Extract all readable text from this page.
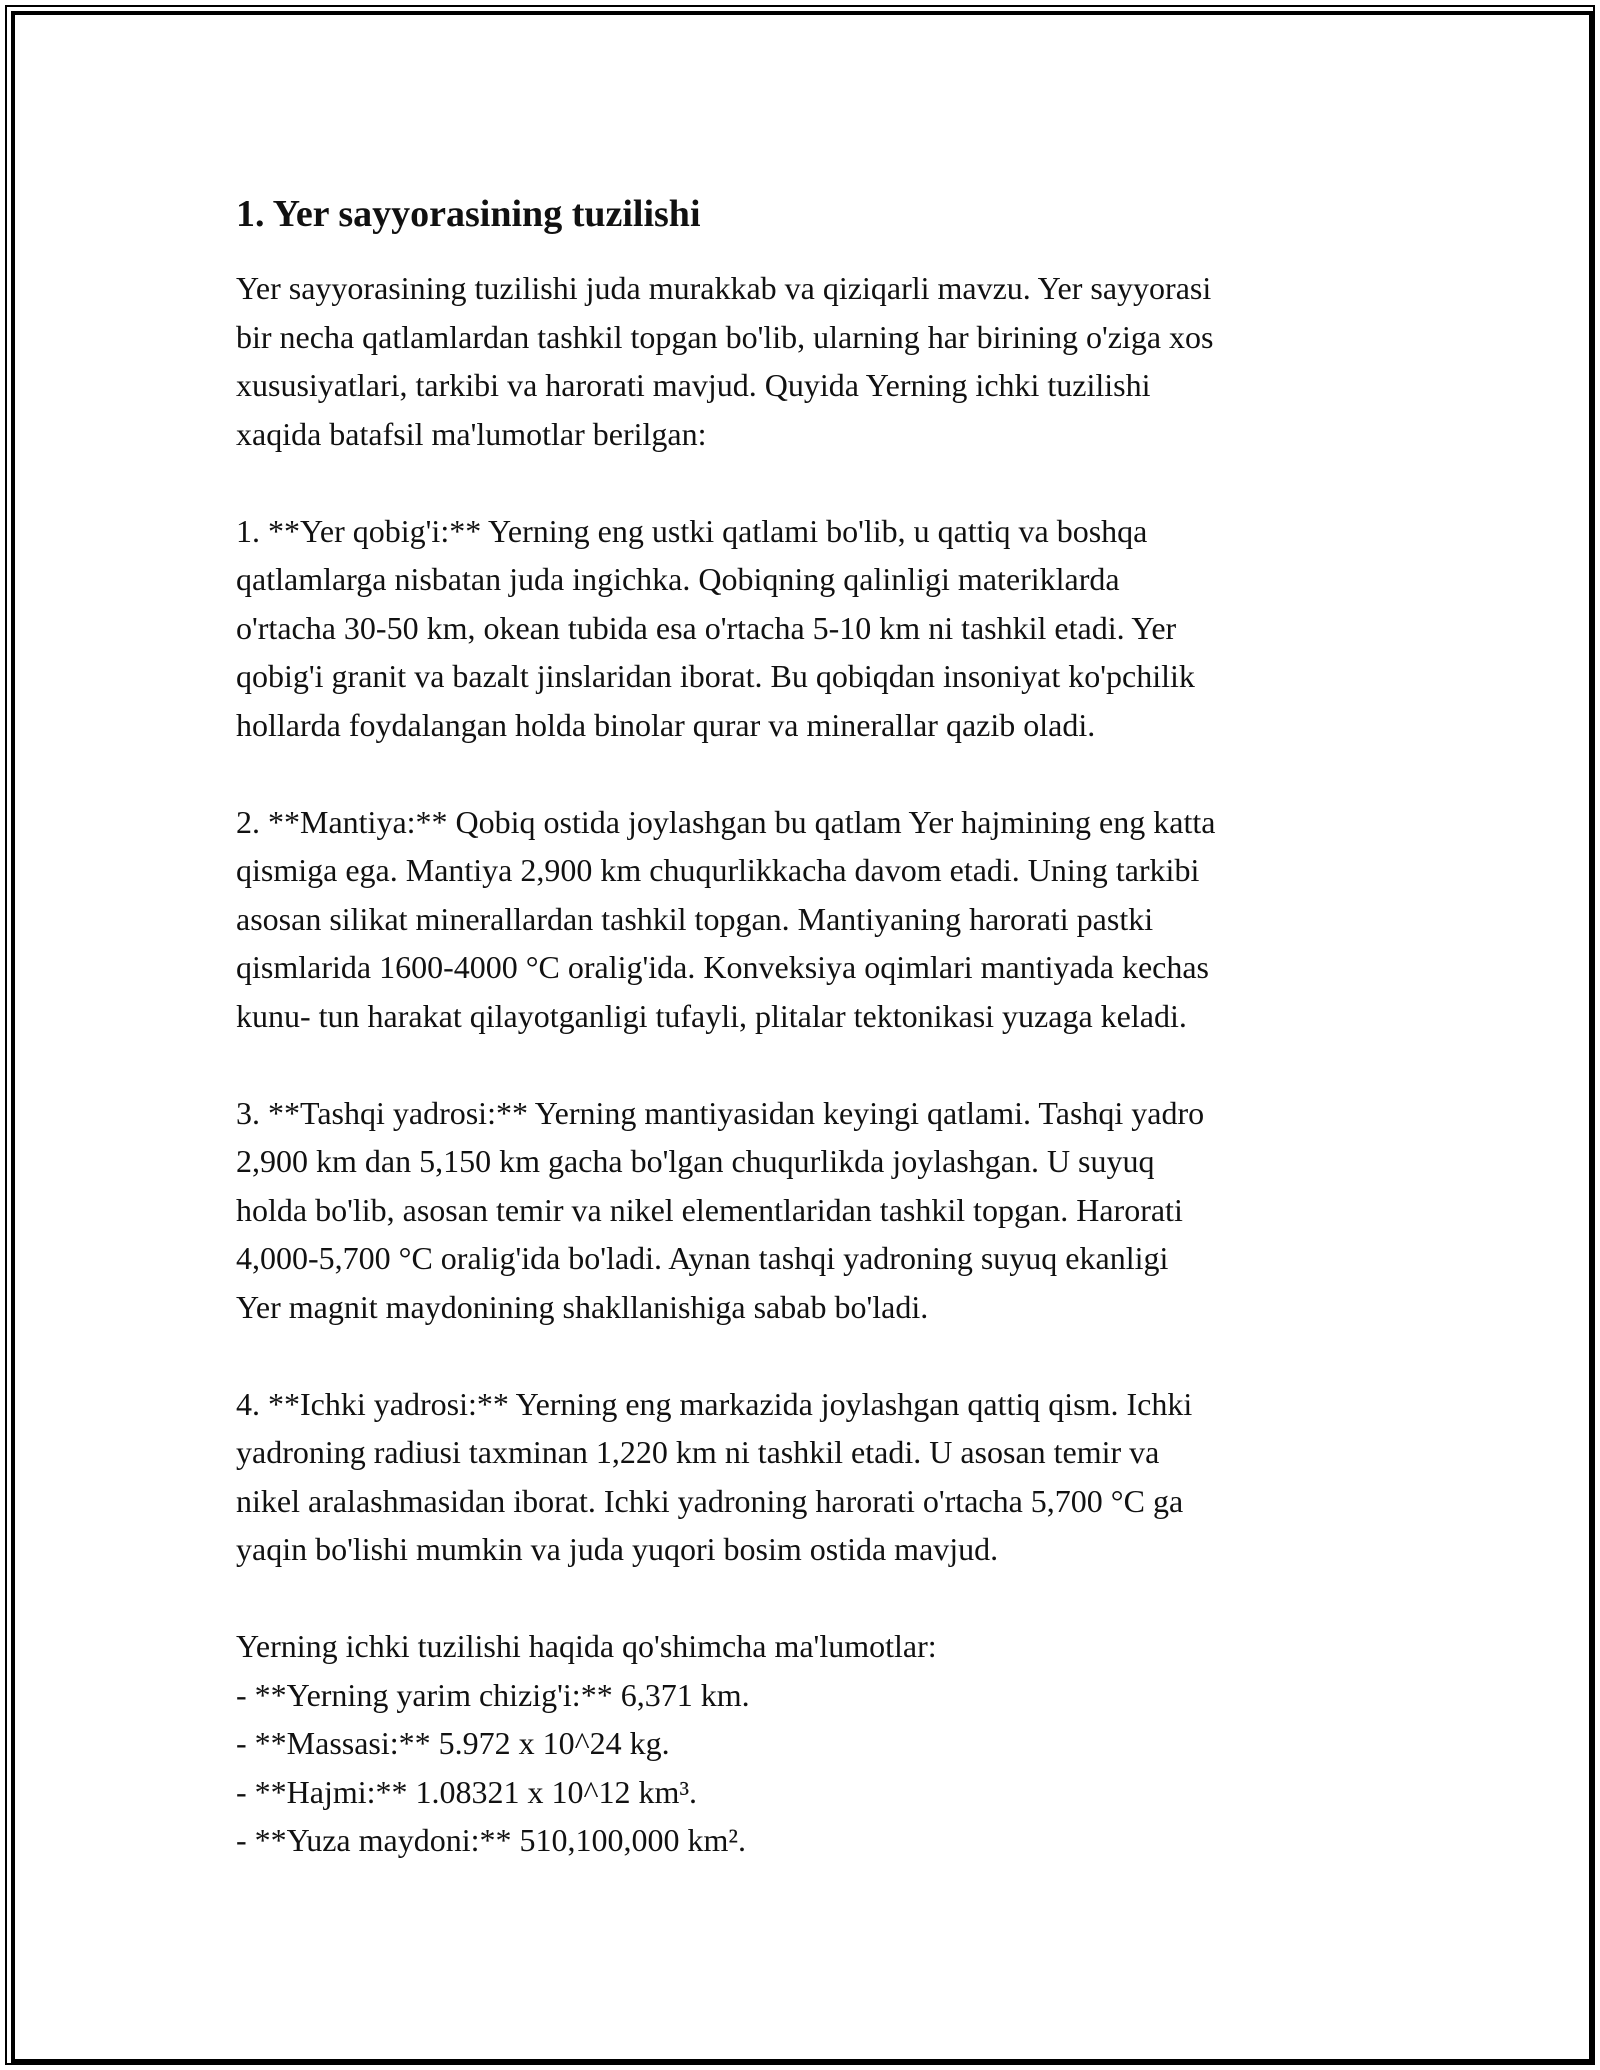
1. Yer sayyorasining tuzilishi

Yer sayyorasining tuzilishi juda murakkab va qiziqarli mavzu. Yer sayyorasi
bir necha qatlamlardan tashkil topgan bo'lib, ularning har birining o'ziga xos
xususiyatlari, tarkibi va harorati mavjud. Quyida Yerning ichki tuzilishi
xaqida batafsil ma'lumotlar berilgan:

1. **Yer qobig'i:** Yerning eng ustki qatlami bo'lib, u qattiq va boshqa
qatlamlarga nisbatan juda ingichka. Qobiqning qalinligi materiklarda
o'rtacha 30-50 km, okean tubida esa o'rtacha 5-10 km ni tashkil etadi. Yer
qobig'i granit va bazalt jinslaridan iborat. Bu qobiqdan insoniyat ko'pchilik
hollarda foydalangan holda binolar qurar va minerallar qazib oladi.

2. **Mantiya:** Qobiq ostida joylashgan bu qatlam Yer hajmining eng katta
qismiga ega. Mantiya 2,900 km chuqurlikkacha davom etadi. Uning tarkibi
asosan silikat minerallardan tashkil topgan. Mantiyaning harorati pastki
qismlarida 1600-4000 °C oralig'ida. Konveksiya oqimlari mantiyada kechas
kunu- tun harakat qilayotganligi tufayli, plitalar tektonikasi yuzaga keladi.

3. **Tashqi yadrosi:** Yerning mantiyasidan keyingi qatlami. Tashqi yadro
2,900 km dan 5,150 km gacha bo'lgan chuqurlikda joylashgan. U suyuq
holda bo'lib, asosan temir va nikel elementlaridan tashkil topgan. Harorati
4,000-5,700 °C oralig'ida bo'ladi. Aynan tashqi yadroning suyuq ekanligi
Yer magnit maydonining shakllanishiga sabab bo'ladi.

4. **Ichki yadrosi:** Yerning eng markazida joylashgan qattiq qism. Ichki
yadroning radiusi taxminan 1,220 km ni tashkil etadi. U asosan temir va
nikel aralashmasidan iborat. Ichki yadroning harorati o'rtacha 5,700 °C ga
yaqin bo'lishi mumkin va juda yuqori bosim ostida mavjud.

Yerning ichki tuzilishi haqida qo'shimcha ma'lumotlar:
- **Yerning yarim chizig'i:** 6,371 km.
- **Massasi:** 5.972 x 10^24 kg.
- **Hajmi:** 1.08321 x 10^12 km³.
- **Yuza maydoni:** 510,100,000 km².
